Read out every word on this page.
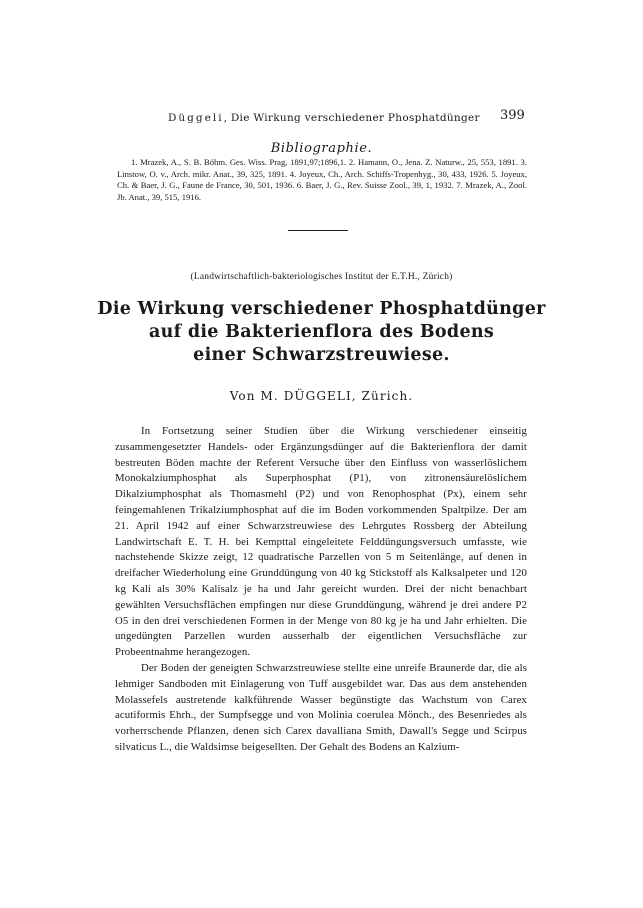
Düggeli, Die Wirkung verschiedener Phosphatdünger	399
Bibliographie.
1. Mrazek, A., S. B. Böhm. Ges. Wiss. Prag, 1891,97;1896,1. 2. Hamann, O., Jena. Z. Naturw., 25, 553, 1891. 3. Linstow, O. v., Arch. mikr. Anat., 39, 325, 1891. 4. Joyeux, Ch., Arch. Schiffs-Tropenhyg., 30, 433, 1926. 5. Joyeux, Ch. & Baer, J. G., Faune de France, 30, 501, 1936. 6. Baer, J. G., Rev. Suisse Zool., 39, 1, 1932. 7. Mrazek, A., Zool. Jb. Anat., 39, 515, 1916.
(Landwirtschaftlich-bakteriologisches Institut der E.T.H., Zürich)
Die Wirkung verschiedener Phosphatdünger
auf die Bakterienflora des Bodens
einer Schwarzstreuwiese.
Von M. DÜGGELI, Zürich.

In Fortsetzung seiner Studien über die Wirkung verschiedener einseitig zusammengesetzter Handels- oder Ergänzungsdünger auf die Bakterienflora der damit bestreuten Böden machte der Referent Versuche über den Einfluss von wasserlöslichem Monokalziumphosphat als Superphosphat (P1), von zitronensäurelöslichem Dikalziumphosphat als Thomasmehl (P2) und von Renophosphat (Px), einem sehr feingemahlenen Trikalziumphosphat auf die im Boden vorkommenden Spaltpilze. Der am 21. April 1942 auf einer Schwarzstreuwiese des Lehrgutes Rossberg der Abteilung Landwirtschaft E. T. H. bei Kempttal eingeleitete Felddüngungsversuch umfasste, wie nachstehende Skizze zeigt, 12 quadratische Parzellen von 5 m Seitenlänge, auf denen in dreifacher Wiederholung eine Grunddüngung von 40 kg Stickstoff als Kalksalpeter und 120 kg Kali als 30% Kalisalz je ha und Jahr gereicht wurden. Drei der nicht benachbart gewählten Versuchsflächen empfingen nur diese Grunddüngung, während je drei andere P2 O5 in den drei verschiedenen Formen in der Menge von 80 kg je ha und Jahr erhielten. Die ungedüngten Parzellen wurden ausserhalb der eigentlichen Versuchsfläche zur Probeentnahme herangezogen.

Der Boden der geneigten Schwarzstreuwiese stellte eine unreife Braunerde dar, die als lehmiger Sandboden mit Einlagerung von Tuff ausgebildet war. Das aus dem anstehenden Molassefels austretende kalkführende Wasser begünstigte das Wachstum von Carex acutiformis Ehrh., der Sumpfsegge und von Molinia coerulea Mönch., des Besenriedes als vorherrschende Pflanzen, denen sich Carex davalliana Smith, Dawall's Segge und Scirpus silvaticus L., die Waldsimse beigesellten. Der Gehalt des Bodens an Kalzium-
